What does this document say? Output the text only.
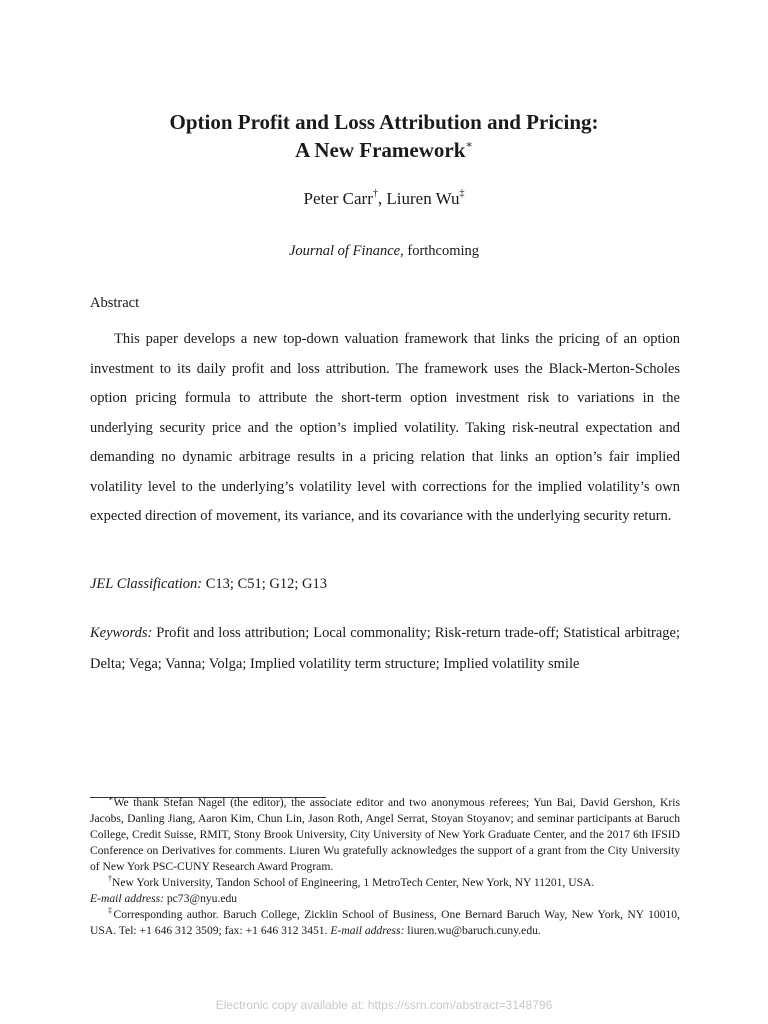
Option Profit and Loss Attribution and Pricing:
A New Framework∗
Peter Carr†, Liuren Wu‡
Journal of Finance, forthcoming
Abstract

This paper develops a new top-down valuation framework that links the pricing of an option investment to its daily profit and loss attribution. The framework uses the Black-Merton-Scholes option pricing formula to attribute the short-term option investment risk to variations in the underlying security price and the option’s implied volatility. Taking risk-neutral expectation and demanding no dynamic arbitrage results in a pricing relation that links an option’s fair implied volatility level to the underlying’s volatility level with corrections for the implied volatility’s own expected direction of movement, its variance, and its covariance with the underlying security return.

JEL Classification: C13; C51; G12; G13

Keywords: Profit and loss attribution; Local commonality; Risk-return trade-off; Statistical arbitrage; Delta; Vega; Vanna; Volga; Implied volatility term structure; Implied volatility smile

∗We thank Stefan Nagel (the editor), the associate editor and two anonymous referees; Yun Bai, David Gershon, Kris Jacobs, Danling Jiang, Aaron Kim, Chun Lin, Jason Roth, Angel Serrat, Stoyan Stoyanov; and seminar participants at Baruch College, Credit Suisse, RMIT, Stony Brook University, City University of New York Graduate Center, and the 2017 6th IFSID Conference on Derivatives for comments. Liuren Wu gratefully acknowledges the support of a grant from the City University of New York PSC-CUNY Research Award Program.

†New York University, Tandon School of Engineering, 1 MetroTech Center, New York, NY 11201, USA.

E-mail address: pc73@nyu.edu

‡Corresponding author. Baruch College, Zicklin School of Business, One Bernard Baruch Way, New York, NY 10010, USA. Tel: +1 646 312 3509; fax: +1 646 312 3451. E-mail address: liuren.wu@baruch.cuny.edu.

Electronic copy available at: https://ssrn.com/abstract=3148796
